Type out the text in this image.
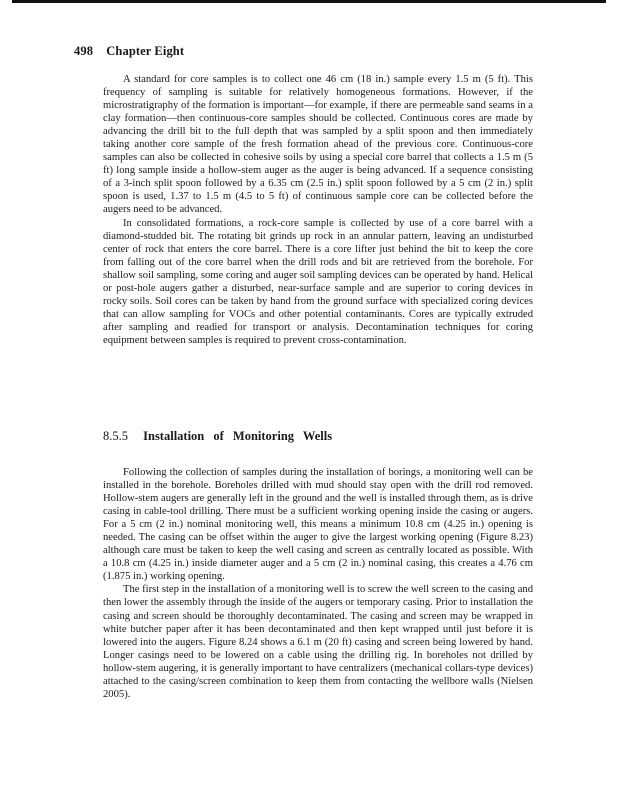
498 Chapter Eight

A standard for core samples is to collect one 46 cm (18 in.) sample every 1.5 m (5 ft). This frequency of sampling is suitable for relatively homogeneous formations. However, if the microstratigraphy of the formation is important—for example, if there are permeable sand seams in a clay formation—then continuous-core samples should be collected. Continuous cores are made by advancing the drill bit to the full depth that was sampled by a split spoon and then immediately taking another core sample of the fresh formation ahead of the previous core. Continuous-core samples can also be collected in cohesive soils by using a special core barrel that collects a 1.5 m (5 ft) long sample inside a hollow-stem auger as the auger is being advanced. If a sequence consisting of a 3-inch split spoon followed by a 6.35 cm (2.5 in.) split spoon followed by a 5 cm (2 in.) split spoon is used, 1.37 to 1.5 m (4.5 to 5 ft) of continuous sample core can be collected before the augers need to be advanced.

In consolidated formations, a rock-core sample is collected by use of a core barrel with a diamond-studded bit. The rotating bit grinds up rock in an annular pattern, leaving an undisturbed center of rock that enters the core barrel. There is a core lifter just behind the bit to keep the core from falling out of the core barrel when the drill rods and bit are retrieved from the borehole. For shallow soil sampling, some coring and auger soil sampling devices can be operated by hand. Helical or post-hole augers gather a disturbed, near-surface sample and are superior to coring devices in rocky soils. Soil cores can be taken by hand from the ground surface with specialized coring devices that can allow sampling for VOCs and other potential contaminants. Cores are typically extruded after sampling and readied for transport or analysis. Decontamination techniques for coring equipment between samples is required to prevent cross-contamination.

8.5.5 Installation of Monitoring Wells

Following the collection of samples during the installation of borings, a monitoring well can be installed in the borehole. Boreholes drilled with mud should stay open with the drill rod removed. Hollow-stem augers are generally left in the ground and the well is installed through them, as is drive casing in cable-tool drilling. There must be a sufficient working opening inside the casing or augers. For a 5 cm (2 in.) nominal monitoring well, this means a minimum 10.8 cm (4.25 in.) opening is needed. The casing can be offset within the auger to give the largest working opening (Figure 8.23) although care must be taken to keep the well casing and screen as centrally located as possible. With a 10.8 cm (4.25 in.) inside diameter auger and a 5 cm (2 in.) nominal casing, this creates a 4.76 cm (1.875 in.) working opening.

The first step in the installation of a monitoring well is to screw the well screen to the casing and then lower the assembly through the inside of the augers or temporary casing. Prior to installation the casing and screen should be thoroughly decontaminated. The casing and screen may be wrapped in white butcher paper after it has been decontaminated and then kept wrapped until just before it is lowered into the augers. Figure 8.24 shows a 6.1 m (20 ft) casing and screen being lowered by hand. Longer casings need to be lowered on a cable using the drilling rig. In boreholes not drilled by hollow-stem augering, it is generally important to have centralizers (mechanical collars-type devices) attached to the casing/screen combination to keep them from contacting the wellbore walls (Nielsen 2005).
